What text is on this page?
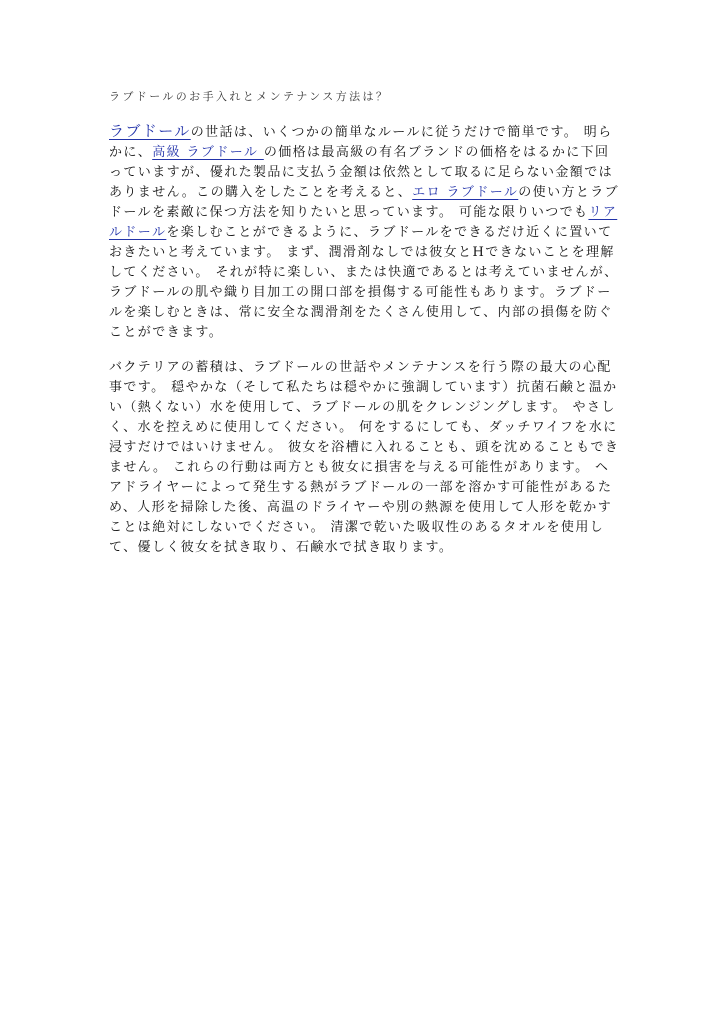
ラブドールのお手入れとメンテナンス方法は？

ラブドールの世話は、いくつかの簡単なルールに従うだけで簡単です。 明らかに、高級 ラブドール の価格は最高級の有名ブランドの価格をはるかに下回っていますが、優れた製品に支払う金額は依然として取るに足らない金額ではありません。この購入をしたことを考えると、エロ ラブドールの使い方とラブドールを素敵に保つ方法を知りたいと思っています。 可能な限りいつでもリアルドールを楽しむことができるように、ラブドールをできるだけ近くに置いておきたいと考えています。 まず、潤滑剤なしでは彼女とHできないことを理解してください。 それが特に楽しい、または快適であるとは考えていませんが、ラブドールの肌や織り目加工の開口部を損傷する可能性もあります。ラブドールを楽しむときは、常に安全な潤滑剤をたくさん使用して、内部の損傷を防ぐことができます。

バクテリアの蓄積は、ラブドールの世話やメンテナンスを行う際の最大の心配事です。 穏やかな（そして私たちは穏やかに強調しています）抗菌石鹸と温かい（熱くない）水を使用して、ラブドールの肌をクレンジングします。 やさしく、水を控えめに使用してください。 何をするにしても、ダッチワイフを水に浸すだけではいけません。 彼女を浴槽に入れることも、頭を沈めることもできません。 これらの行動は両方とも彼女に損害を与える可能性があります。 ヘアドライヤーによって発生する熱がラブドールの一部を溶かす可能性があるため、人形を掃除した後、高温のドライヤーや別の熱源を使用して人形を乾かすことは絶対にしないでください。 清潔で乾いた吸収性のあるタオルを使用して、優しく彼女を拭き取り、石鹸水で拭き取ります。
